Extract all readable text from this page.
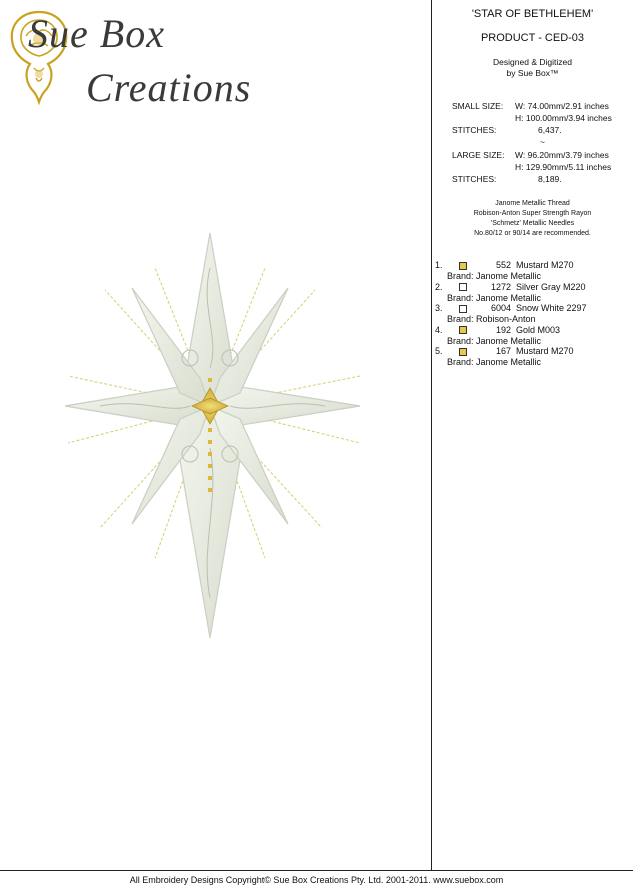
Sue Box
Creations
'STAR OF BETHLEHEM'
PRODUCT - CED-03
Designed & Digitized
by Sue Box™
SMALL SIZE: W: 74.00mm/2.91 inches
H: 100.00mm/3.94 inches
STITCHES:	6,437.
~
LARGE SIZE: W: 96.20mm/3.79 inches
H: 129.90mm/5.11 inches
STITCHES:	8,189.
Janome Metallic Thread
Robison-Anton Super Strength Rayon
'Schmetz' Metallic Needles
No.80/12 or 90/14 are recommended.
1.	552 Mustard M270
Brand: Janome Metallic
2.	1272 Silver Gray M220
Brand: Janome Metallic
3.	6004 Snow White 2297
Brand: Robison-Anton
4.	192 Gold M003
Brand: Janome Metallic
5.	167 Mustard M270
Brand: Janome Metallic
All Embroidery Designs Copyright© Sue Box Creations Pty. Ltd. 2001-2011. www.suebox.com
